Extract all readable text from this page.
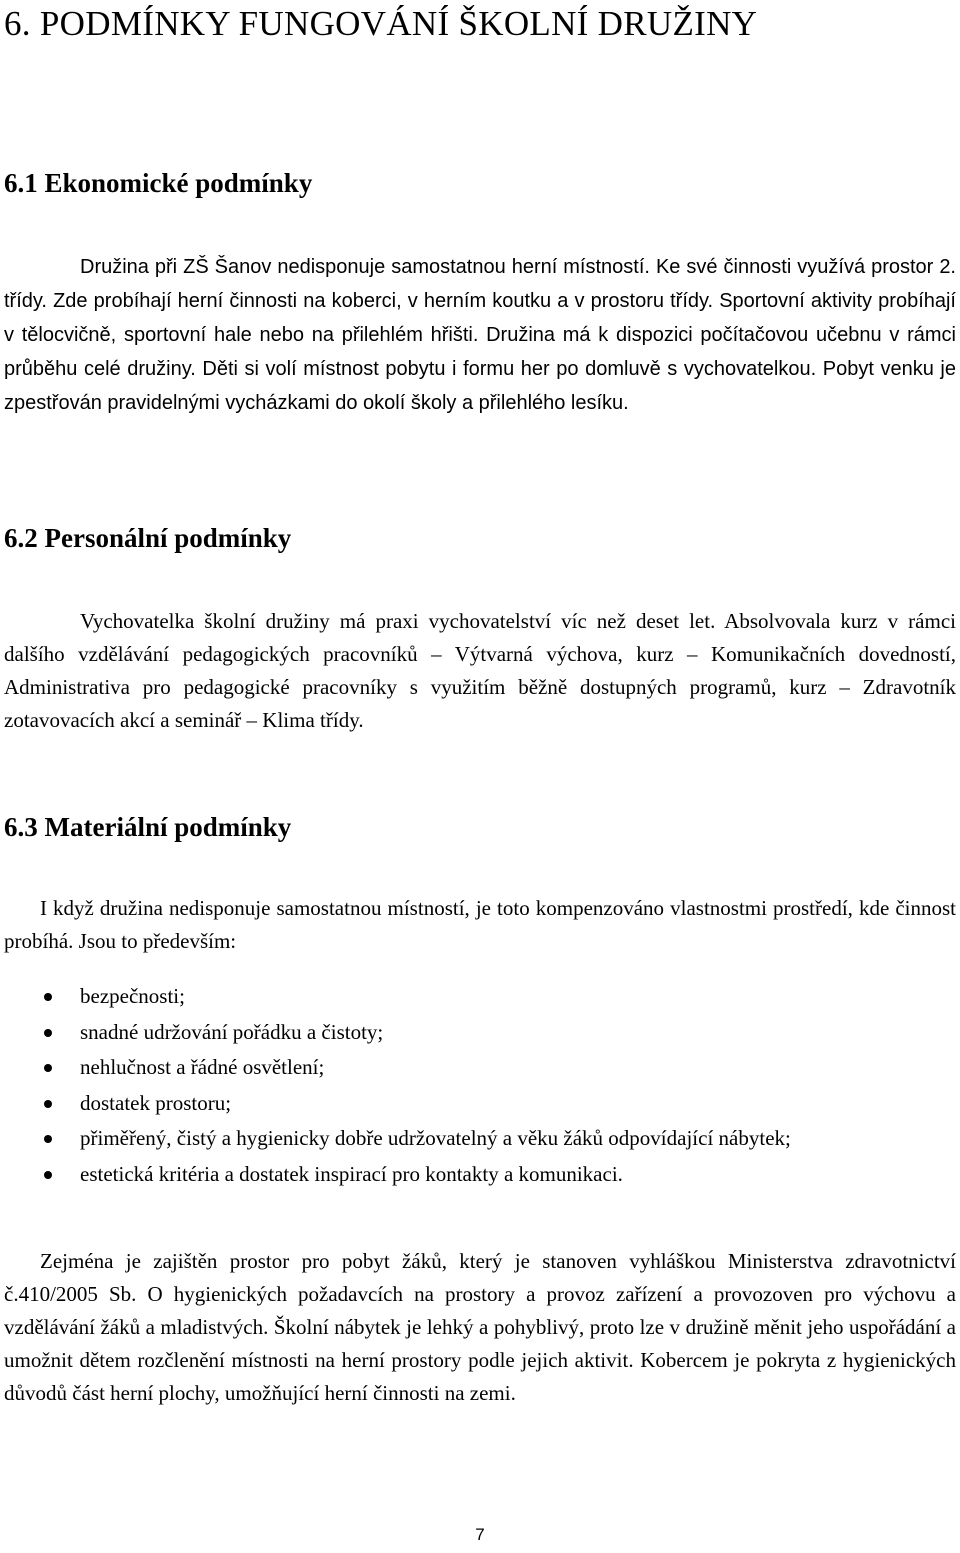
6. PODMÍNKY FUNGOVÁNÍ ŠKOLNÍ DRUŽINY
6.1 Ekonomické podmínky

Družina při ZŠ Šanov nedisponuje samostatnou herní místností. Ke své činnosti využívá prostor 2. třídy. Zde probíhají herní činnosti na koberci, v herním koutku a v prostoru třídy. Sportovní aktivity probíhají v tělocvičně, sportovní hale nebo na přilehlém hřišti. Družina má k dispozici počítačovou učebnu v rámci průběhu celé družiny. Děti si volí místnost pobytu i formu her po domluvě s vychovatelkou. Pobyt venku je zpestřován pravidelnými vycházkami do okolí školy a přilehlého lesíku.

6.2 Personální podmínky

Vychovatelka školní družiny má praxi vychovatelství víc než deset let. Absolvovala kurz v rámci dalšího vzdělávání pedagogických pracovníků – Výtvarná výchova, kurz – Komunikačních dovedností, Administrativa pro pedagogické pracovníky s využitím běžně dostupných programů, kurz – Zdravotník zotavovacích akcí a seminář – Klima třídy.

6.3 Materiální podmínky

I když družina nedisponuje samostatnou místností, je toto kompenzováno vlastnostmi prostředí, kde činnost probíhá. Jsou to především:

bezpečnosti;
snadné udržování pořádku a čistoty;
nehlučnost a řádné osvětlení;
dostatek prostoru;
přiměřený, čistý a hygienicky dobře udržovatelný a věku žáků odpovídající nábytek;
estetická kritéria a dostatek inspirací pro kontakty a komunikaci.

Zejména je zajištěn prostor pro pobyt žáků, který je stanoven vyhláškou Ministerstva zdravotnictví č.410/2005 Sb. O hygienických požadavcích na prostory a provoz zařízení a provozoven pro výchovu a vzdělávání žáků a mladistvých. Školní nábytek je lehký a pohyblivý, proto lze v družině měnit jeho uspořádání a umožnit dětem rozčlenění místnosti na herní prostory podle jejich aktivit. Kobercem je pokryta z hygienických důvodů část herní plochy, umožňující herní činnosti na zemi.

7
